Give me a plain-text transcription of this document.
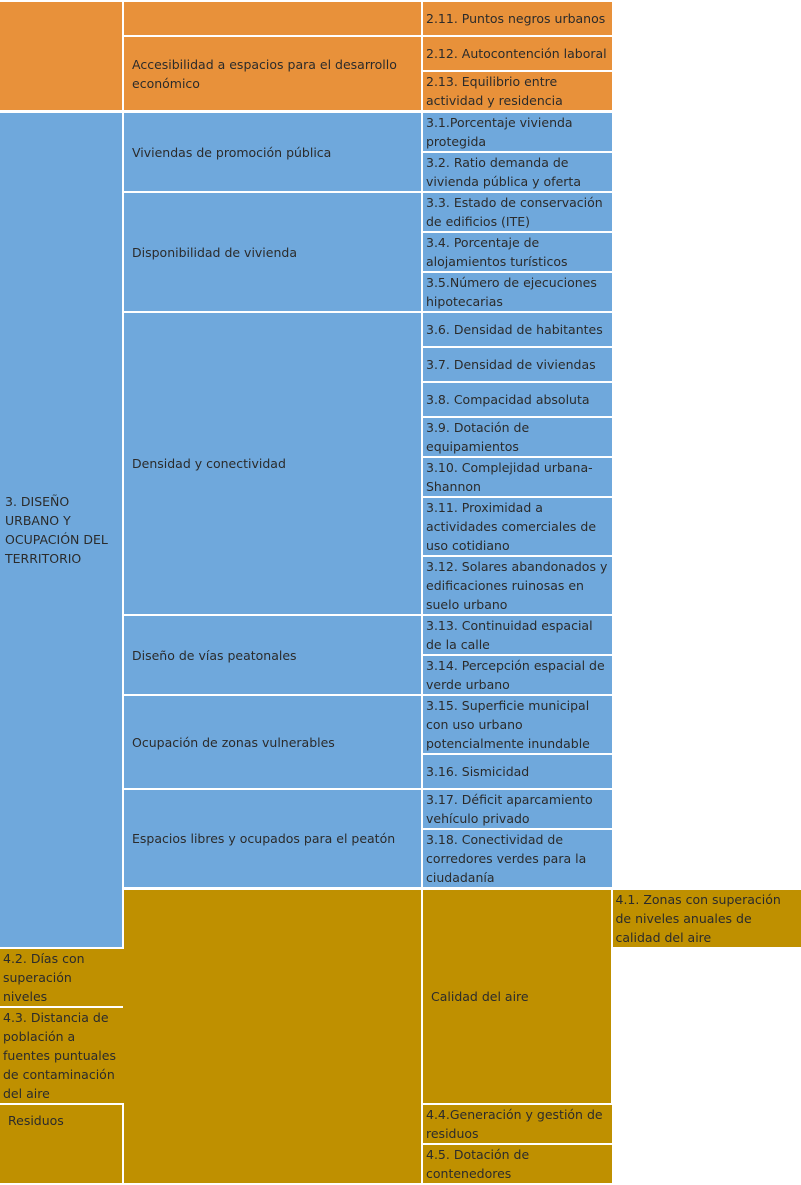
		2.11. Puntos negros urbanos	
	Accesibilidad a espacios para el desarrollo económico	2.12. Autocontención laboral	
		2.13. Equilibrio entre actividad y residencia	
3. DISEÑO URBANO Y OCUPACIÓN DEL TERRITORIO	Viviendas de promoción pública	3.1.Porcentaje vivienda protegida	
		3.2. Ratio demanda de vivienda pública y oferta	
	Disponibilidad de vivienda	3.3. Estado de conservación de edificios (ITE)	
		3.4. Porcentaje de alojamientos turísticos	
		3.5.Número de ejecuciones hipotecarias	
	Densidad y conectividad	3.6. Densidad de habitantes	
		3.7. Densidad de viviendas	
		3.8. Compacidad absoluta	
		3.9. Dotación de equipamientos	
		3.10. Complejidad urbana- Shannon	
		3.11. Proximidad a actividades comerciales de uso cotidiano	
		3.12. Solares abandonados y edificaciones ruinosas en suelo urbano	
	Diseño de vías peatonales	3.13. Continuidad espacial de la calle	
		3.14. Percepción espacial de verde urbano	
	Ocupación de zonas vulnerables	3.15. Superficie municipal con uso urbano potencialmente inundable	
		3.16. Sismicidad	
	Espacios libres y ocupados para el peatón	3.17. Déficit aparcamiento vehículo privado	
		3.18. Conectividad de corredores verdes para la ciudadanía	
		Calidad del aire	4.1. Zonas con superación de niveles anuales de calidad del aire
4.2. Días con superación niveles			
4.3. Distancia de población a fuentes puntuales de contaminación del aire			
Residuos		4.4.Generación y gestión de residuos	
		4.5. Dotación de contenedores	
